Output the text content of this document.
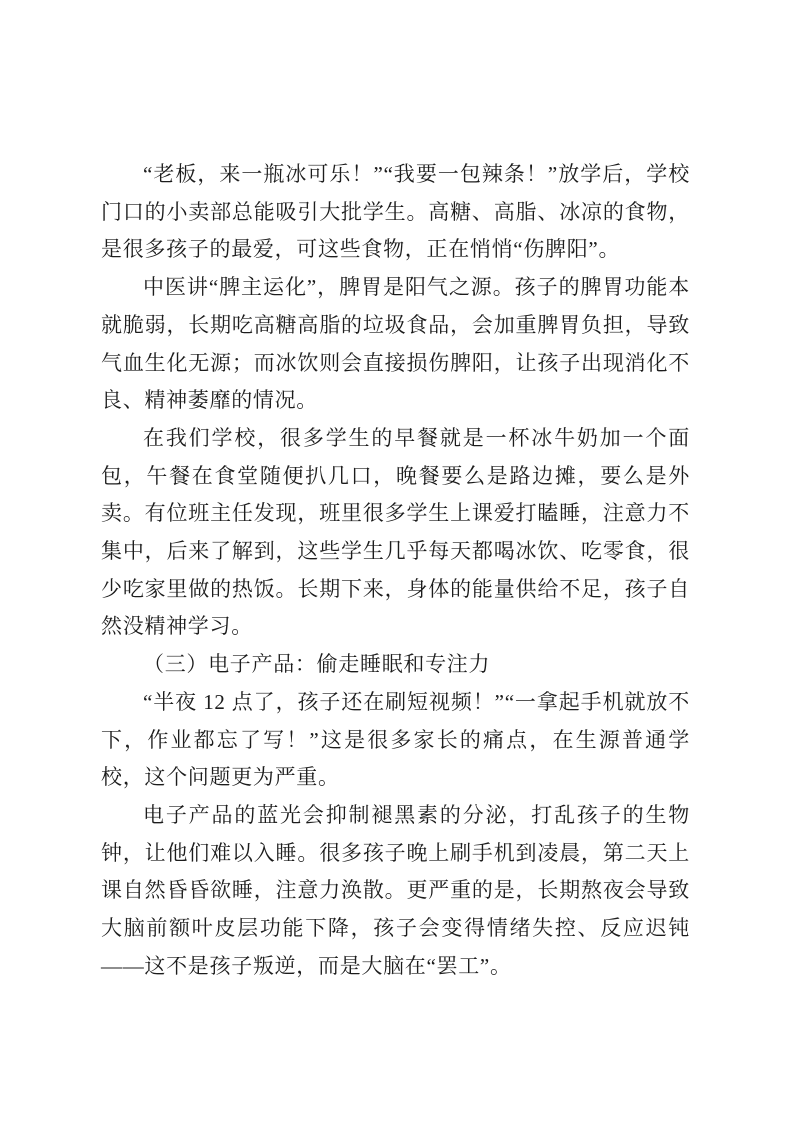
“老板，来一瓶冰可乐！”“我要一包辣条！”放学后，学校门口的小卖部总能吸引大批学生。高糖、高脂、冰凉的食物，是很多孩子的最爱，可这些食物，正在悄悄“伤脾阳”。

中医讲“脾主运化”，脾胃是阳气之源。孩子的脾胃功能本就脆弱，长期吃高糖高脂的垃圾食品，会加重脾胃负担，导致气血生化无源；而冰饮则会直接损伤脾阳，让孩子出现消化不良、精神萎靡的情况。

在我们学校，很多学生的早餐就是一杯冰牛奶加一个面包，午餐在食堂随便扒几口，晚餐要么是路边摊，要么是外卖。有位班主任发现，班里很多学生上课爱打瞌睡，注意力不集中，后来了解到，这些学生几乎每天都喝冰饮、吃零食，很少吃家里做的热饭。长期下来，身体的能量供给不足，孩子自然没精神学习。

（三）电子产品：偷走睡眠和专注力

“半夜 12 点了，孩子还在刷短视频！”“一拿起手机就放不下，作业都忘了写！”这是很多家长的痛点，在生源普通学校，这个问题更为严重。

电子产品的蓝光会抑制褪黑素的分泌，打乱孩子的生物钟，让他们难以入睡。很多孩子晚上刷手机到凌晨，第二天上课自然昏昏欲睡，注意力涣散。更严重的是，长期熬夜会导致大脑前额叶皮层功能下降，孩子会变得情绪失控、反应迟钝——这不是孩子叛逆，而是大脑在“罢工”。
